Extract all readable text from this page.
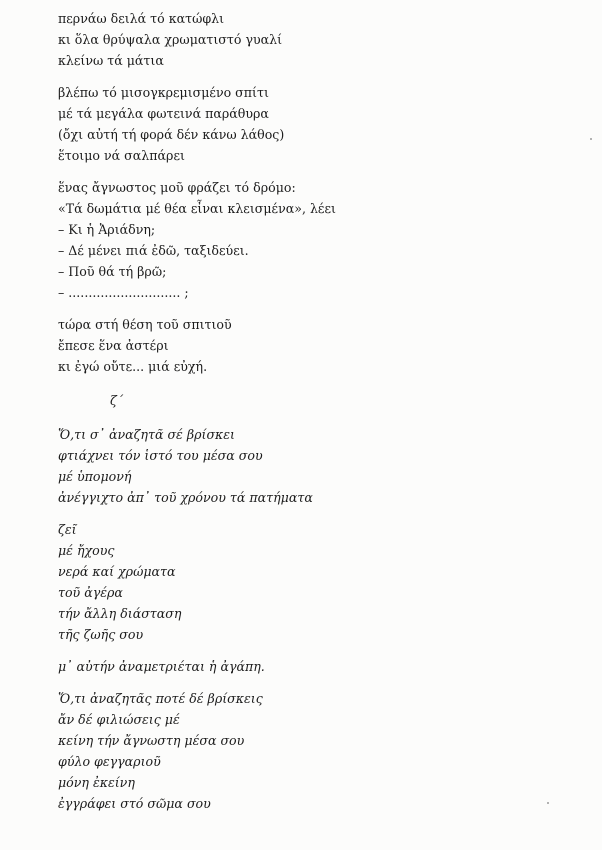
περνάω δειλά τό κατώφλι
κι ὅλα θρύψαλα χρωματιστό γυαλί
κλείνω τά μάτια
βλέπω τό μισογκρεμισμένο σπίτι
μέ τά μεγάλα φωτεινά παράθυρα
(ὄχι αὐτή τή φορά δέν κάνω λάθος)
ἕτοιμο νά σαλπάρει
ἕνας ἄγνωστος μοῦ φράζει τό δρόμο:
«Τά δωμάτια μέ θέα εἶναι κλεισμένα», λέει
– Κι ἡ Ἀριάδνη;
– Δέ μένει πιά ἐδῶ, ταξιδεύει.
– Ποῦ θά τή βρῶ;
– ............................ ;
τώρα στή θέση τοῦ σπιτιοῦ
ἔπεσε ἕνα ἀστέρι
κι ἐγώ οὔτε... μιά εὐχή.
ζ΄
Ὅ,τι σ᾽ ἀναζητᾶ σέ βρίσκει
φτιάχνει τόν ἱστό του μέσα σου
μέ ὑπομονή
ἀνέγγιχτο ἀπ᾽ τοῦ χρόνου τά πατήματα
ζεῖ
μέ ἤχους
νερά καί χρώματα
τοῦ ἀγέρα
τήν ἄλλη διάσταση
τῆς ζωῆς σου
μ᾽ αὐτήν ἀναμετριέται ἡ ἀγάπη.
Ὅ,τι ἀναζητᾶς ποτέ δέ βρίσκεις
ἄν δέ φιλιώσεις μέ
κείνη τήν ἄγνωστη μέσα σου
φύλο φεγγαριοῦ
μόνη ἐκείνη
ἐγγράφει στό σῶμα σου
